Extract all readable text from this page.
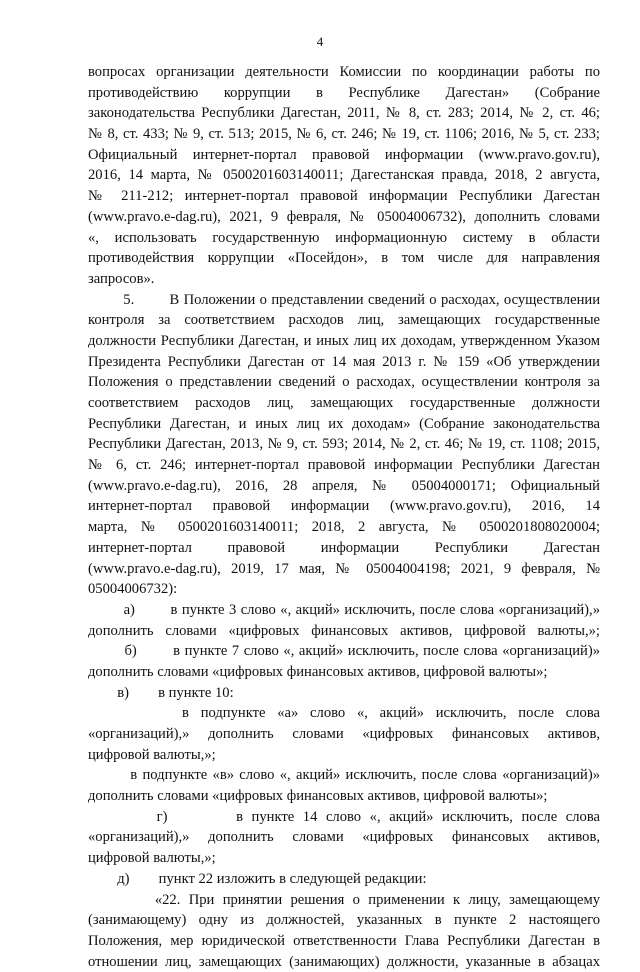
4
вопросах организации деятельности Комиссии по координации работы по
противодействию коррупции в Республике Дагестан» (Собрание
законодательства Республики Дагестан, 2011, № 8, ст. 283; 2014, № 2, ст. 46;
№ 8, ст. 433; № 9, ст. 513; 2015, № 6, ст. 246; № 19, ст. 1106; 2016, № 5, ст. 233;
Официальный интернет-портал правовой информации (www.pravo.gov.ru),
2016, 14 марта, № 0500201603140011; Дагестанская правда, 2018, 2 августа,
№ 211-212; интернет-портал правовой информации Республики Дагестан
(www.pravo.e-dag.ru), 2021, 9 февраля, № 05004006732), дополнить словами
«, использовать государственную информационную систему в области
противодействия коррупции «Посейдон», в том числе для направления
запросов».
5.        В Положении о представлении сведений о расходах, осуществлении
контроля за соответствием расходов лиц, замещающих государственные
должности Республики Дагестан, и иных лиц их доходам, утвержденном Указом
Президента Республики Дагестан от 14 мая 2013 г. № 159 «Об утверждении
Положения о представлении сведений о расходах, осуществлении контроля за
соответствием расходов лиц, замещающих государственные должности
Республики Дагестан, и иных лиц их доходам» (Собрание законодательства
Республики Дагестан, 2013, № 9, ст. 593; 2014, № 2, ст. 46; № 19, ст. 1108; 2015,
№ 6, ст. 246; интернет-портал правовой информации Республики Дагестан
(www.pravo.e-dag.ru), 2016, 28 апреля, № 05004000171; Официальный
интернет-портал правовой информации (www.pravo.gov.ru), 2016, 14
марта, № 0500201603140011; 2018, 2 августа, № 0500201808020004;
интернет-портал правовой информации Республики Дагестан
(www.pravo.e-dag.ru), 2019, 17 мая, № 05004004198; 2021, 9 февраля, №
05004006732):
а)        в пункте 3 слово «, акций» исключить, после слова «организаций),»
дополнить словами «цифровых финансовых активов, цифровой валюты,»;
б)        в пункте 7 слово «, акций» исключить, после слова «организаций)»
дополнить словами «цифровых финансовых активов, цифровой валюты»;
в)        в пункте 10:
в подпункте «а» слово «, акций» исключить, после слова
«организаций),» дополнить словами «цифровых финансовых активов,
цифровой валюты,»;
в подпункте «в» слово «, акций» исключить, после слова «организаций)»
дополнить словами «цифровых финансовых активов, цифровой валюты»;
г)        в пункте 14 слово «, акций» исключить, после слова
«организаций),» дополнить словами «цифровых финансовых активов,
цифровой валюты,»;
д)        пункт 22 изложить в следующей редакции:
«22. При принятии решения о применении к лицу, замещающему
(занимающему) одну из должностей, указанных в пункте 2 настоящего
Положения, мер юридической ответственности Глава Республики Дагестан в
отношении лиц, замещающих (занимающих) должности, указанные в абзацах
